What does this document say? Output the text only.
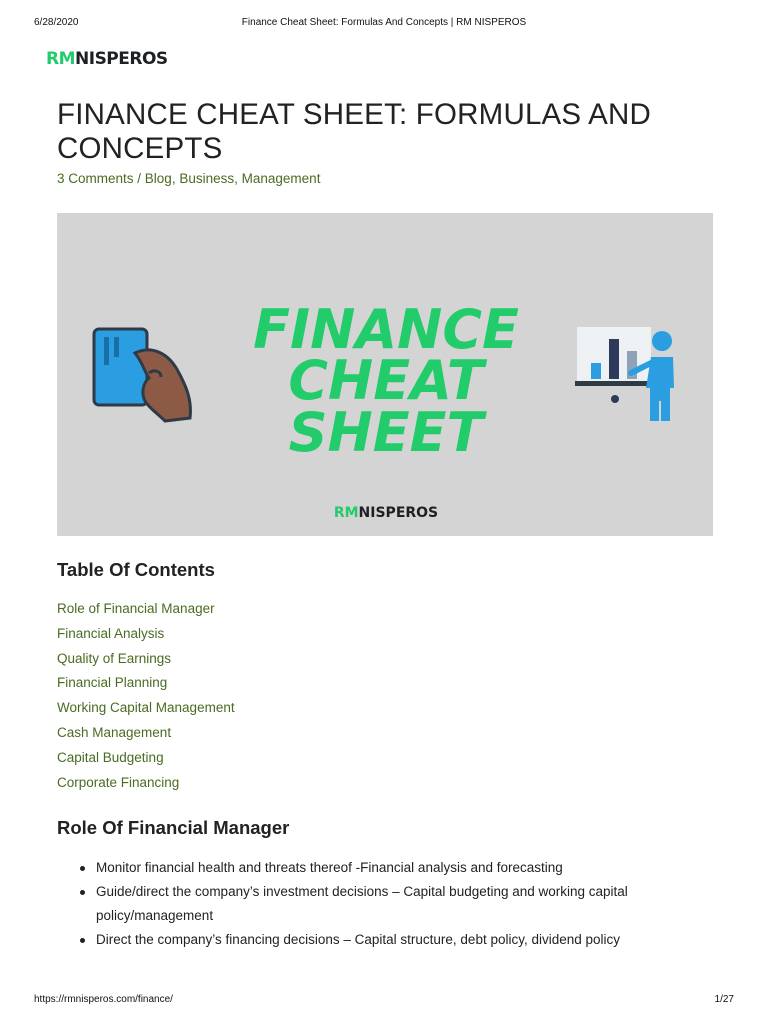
6/28/2020	Finance Cheat Sheet: Formulas And Concepts | RM NISPEROS
RMNISPEROS
FINANCE CHEAT SHEET: FORMULAS AND CONCEPTS
3 Comments / Blog, Business, Management
FINANCE
CHEAT
SHEET
RMNISPEROS
Table Of Contents
Role of Financial Manager
Financial Analysis
Quality of Earnings
Financial Planning
Working Capital Management
Cash Management
Capital Budgeting
Corporate Financing
Role Of Financial Manager
Monitor financial health and threats thereof -Financial analysis and forecasting
Guide/direct the company’s investment decisions – Capital budgeting and working capital policy/management
Direct the company’s financing decisions – Capital structure, debt policy, dividend policy
https://rmnisperos.com/finance/	1/27
